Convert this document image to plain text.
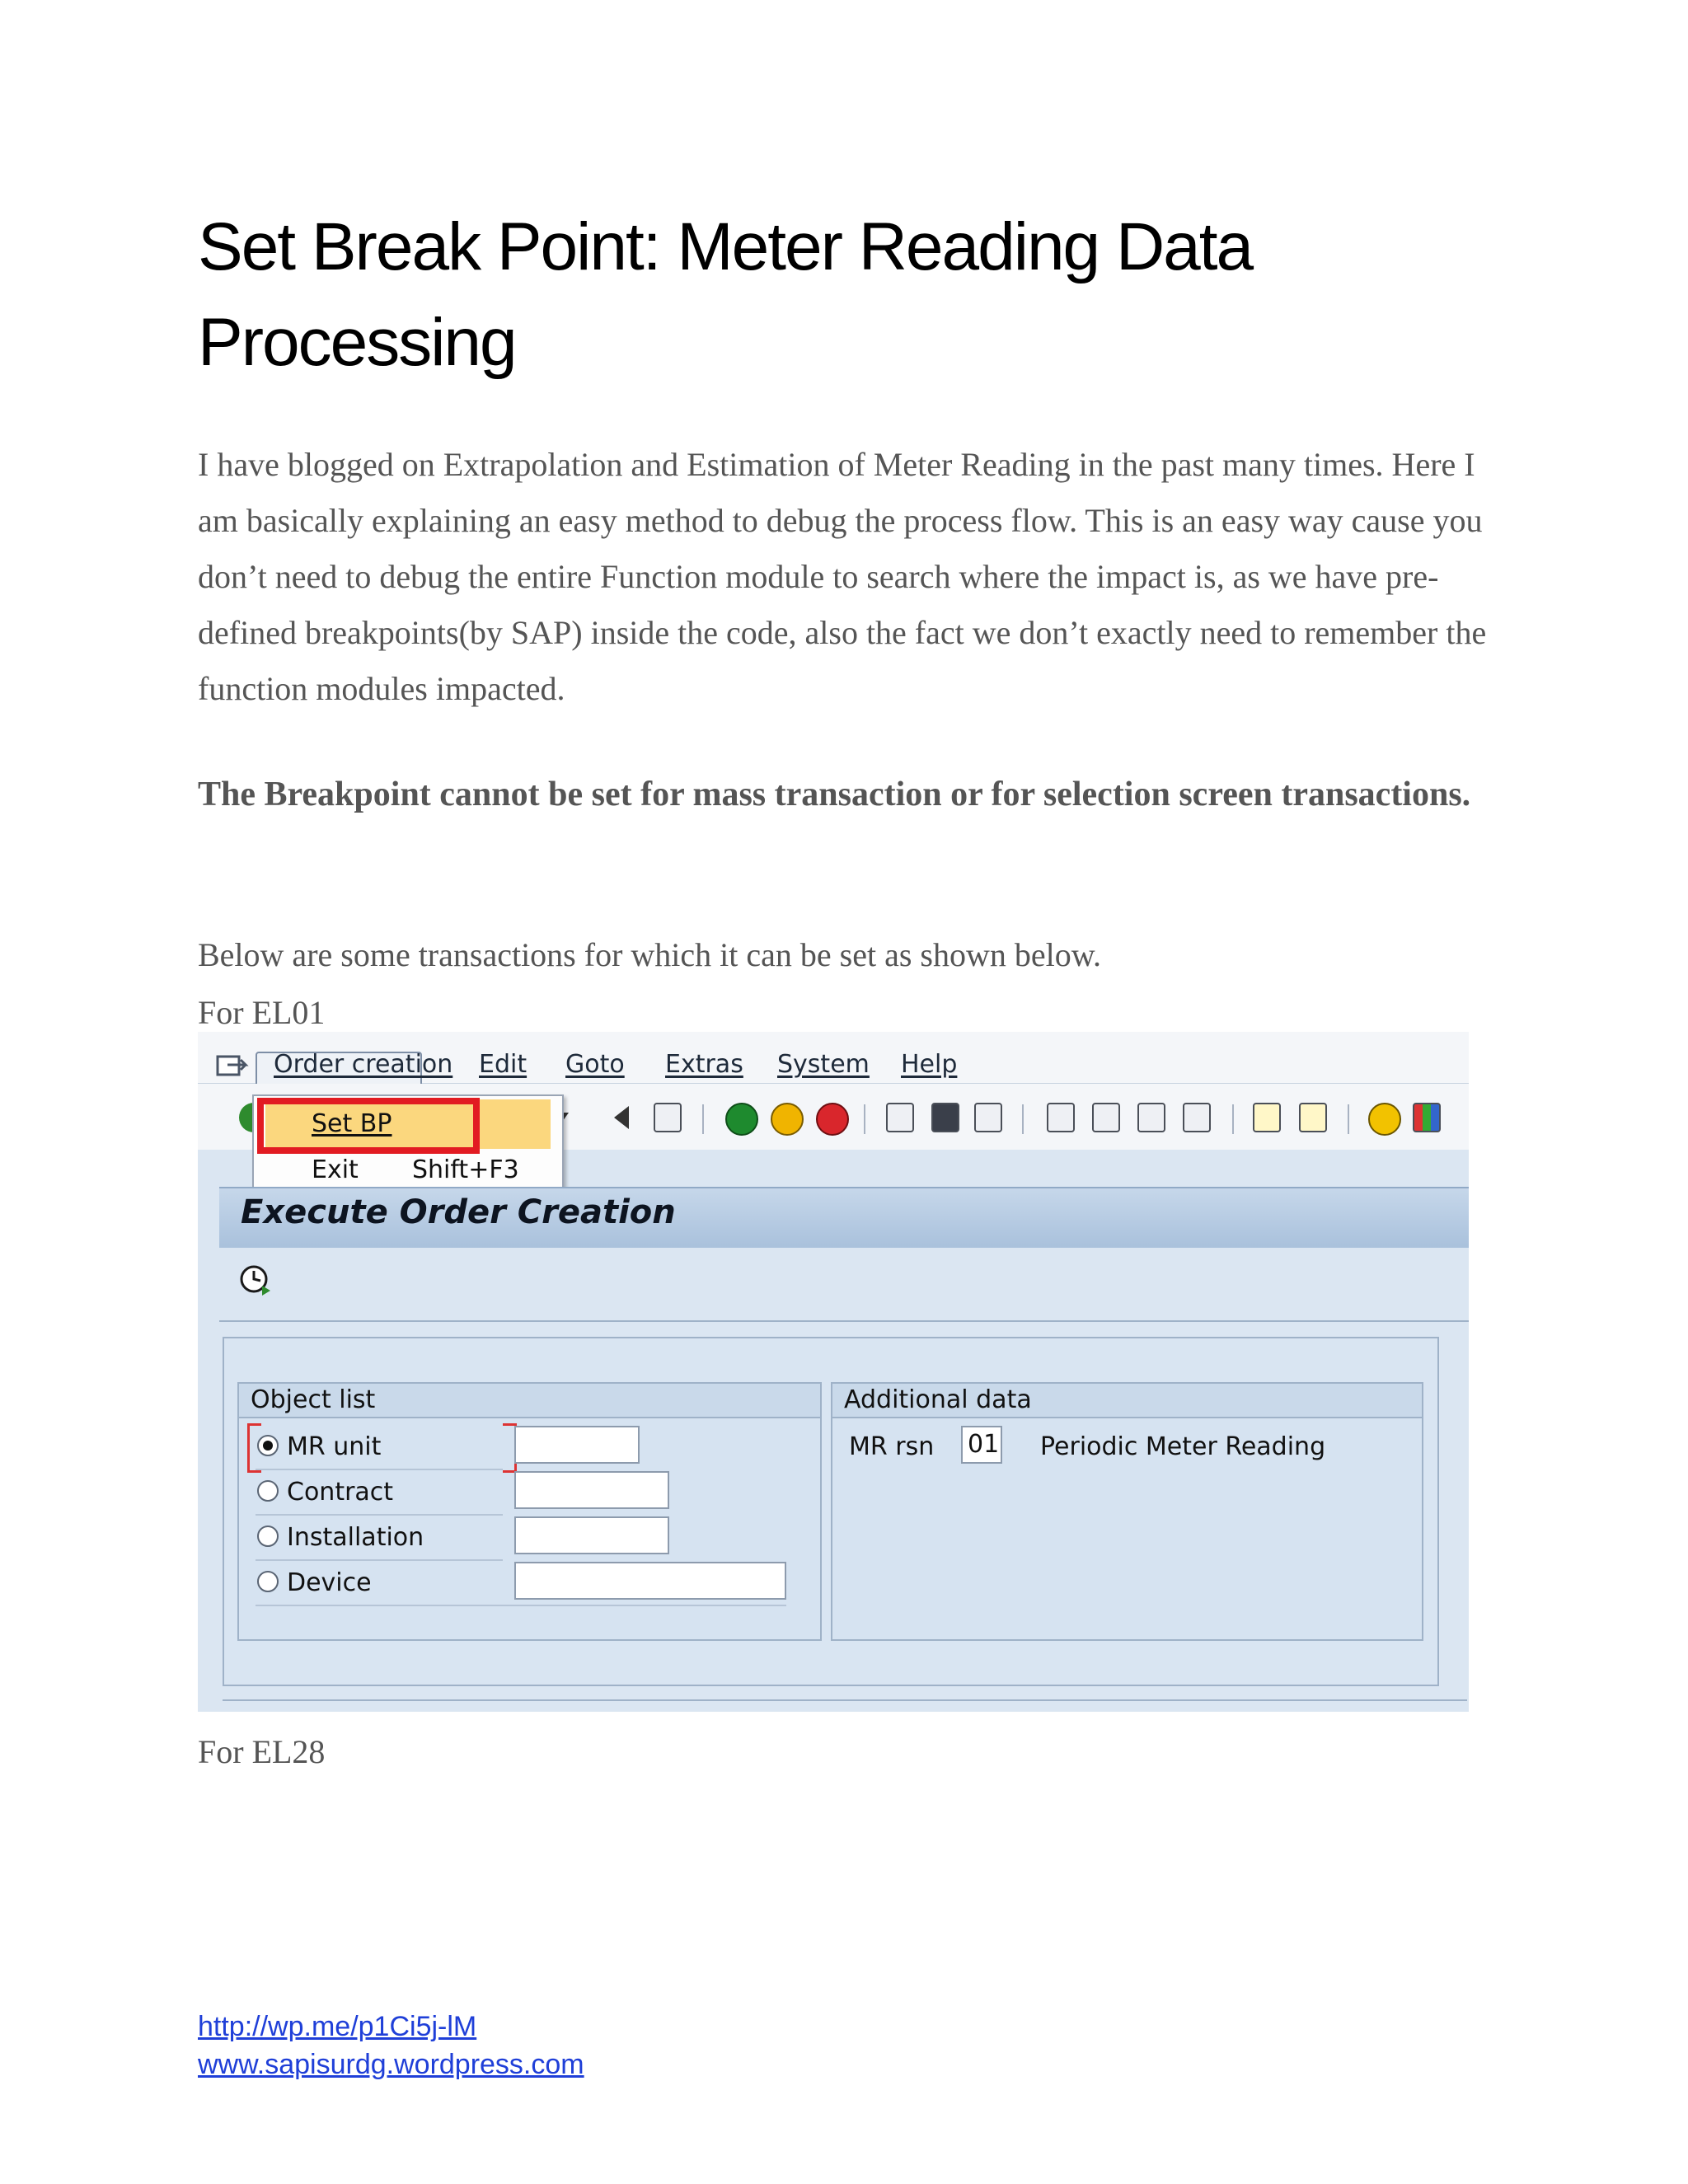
Set Break Point: Meter Reading Data
Processing
I have blogged on Extrapolation and Estimation of Meter Reading in the past many times. Here I am basically explaining an easy method to debug the process flow. This is an easy way cause you don’t need to debug the entire Function module to search where the impact is, as we have pre-defined breakpoints(by SAP) inside the code, also the fact we don’t exactly need to remember the function modules impacted.
The Breakpoint cannot be set for mass transaction or for selection screen transactions.
Below are some transactions for which it can be set as shown below.
For EL01
Order creation Edit Goto Extras System Help
Set BP
Exit Shift+F3
Execute Order Creation
Object list
MR unit
Contract
Installation
Device
Additional data
MR rsn 01 Periodic Meter Reading
For EL28
http://wp.me/p1Ci5j-lM
www.sapisurdg.wordpress.com
